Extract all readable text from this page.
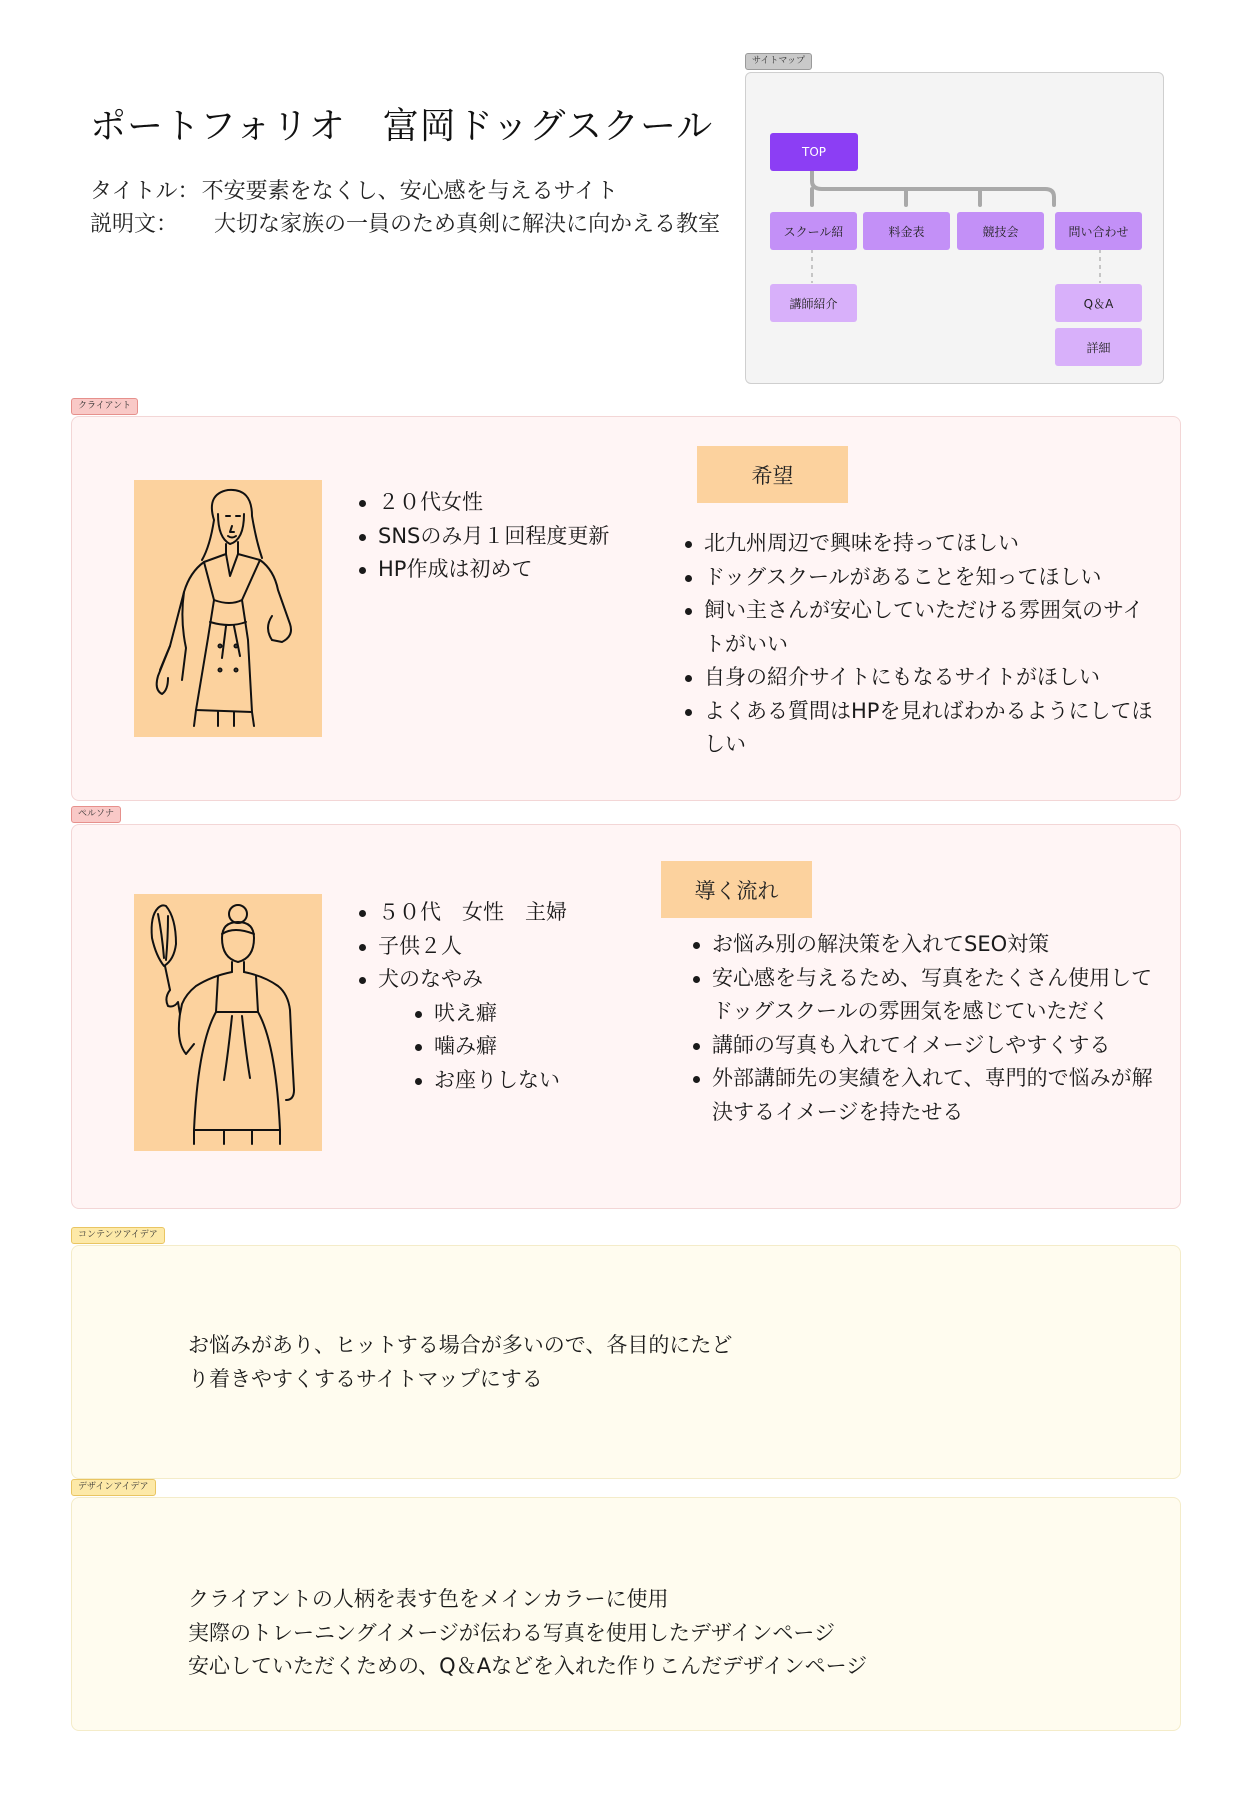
ポートフォリオ　富岡ドッグスクール
タイトル：不安要素をなくし、安心感を与えるサイト
説明文： 大切な家族の一員のため真剣に解決に向かえる教室
サイトマップ
TOP
スクール紹	料金表	競技会	問い合わせ
講師紹介	Q＆A
詳細
クライアント
２０代女性
SNSのみ月１回程度更新
HP作成は初めて
希望
北九州周辺で興味を持ってほしい
ドッグスクールがあることを知ってほしい
飼い主さんが安心していただける雰囲気のサイトがいい
自身の紹介サイトにもなるサイトがほしい
よくある質問はHPを見ればわかるようにしてほしい
ペルソナ
５０代　女性　主婦
子供２人
犬のなやみ
吠え癖
噛み癖
お座りしない
導く流れ
お悩み別の解決策を入れてSEO対策
安心感を与えるため、写真をたくさん使用してドッグスクールの雰囲気を感じていただく
講師の写真も入れてイメージしやすくする
外部講師先の実績を入れて、専門的で悩みが解決するイメージを持たせる
コンテンツアイデア
お悩みがあり、ヒットする場合が多いので、各目的にたど
り着きやすくするサイトマップにする
デザインアイデア
クライアントの人柄を表す色をメインカラーに使用
実際のトレーニングイメージが伝わる写真を使用したデザインページ
安心していただくための、Q＆Aなどを入れた作りこんだデザインページ
